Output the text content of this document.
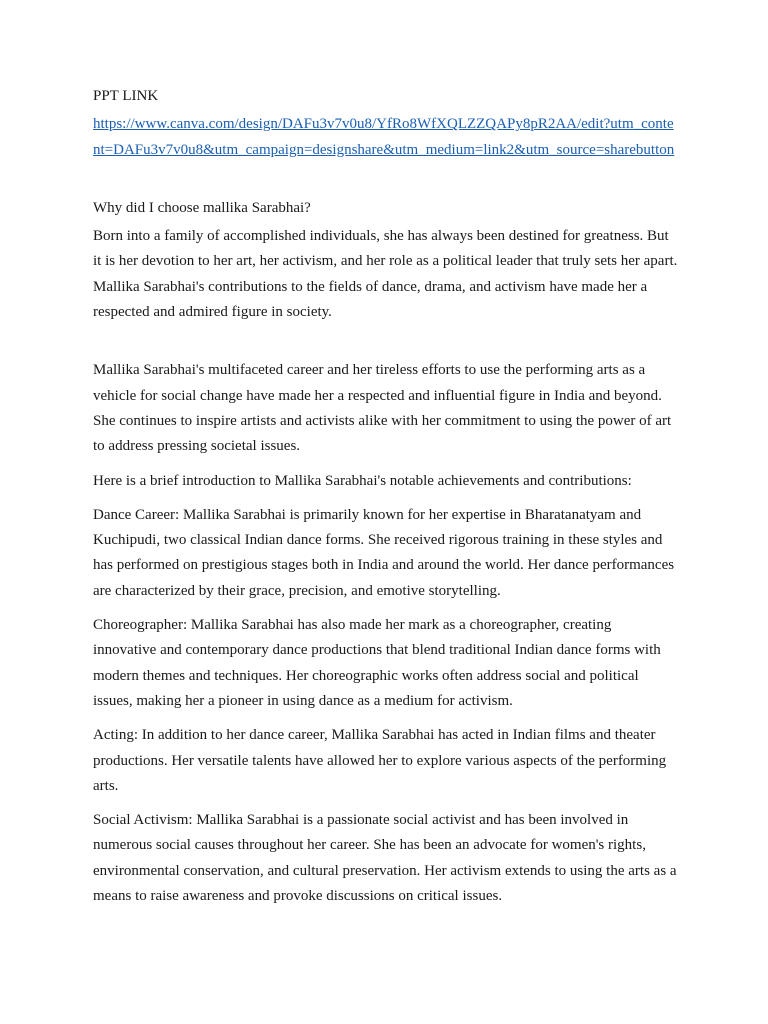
PPT LINK

https://www.canva.com/design/DAFu3v7v0u8/YfRo8WfXQLZZQAPy8pR2AA/edit?utm_content=DAFu3v7v0u8&utm_campaign=designshare&utm_medium=link2&utm_source=sharebutton

Why did I choose mallika Sarabhai?

Born into a family of accomplished individuals, she has always been destined for greatness. But it is her devotion to her art, her activism, and her role as a political leader that truly sets her apart. Mallika Sarabhai's contributions to the fields of dance, drama, and activism have made her a respected and admired figure in society.

Mallika Sarabhai's multifaceted career and her tireless efforts to use the performing arts as a vehicle for social change have made her a respected and influential figure in India and beyond. She continues to inspire artists and activists alike with her commitment to using the power of art to address pressing societal issues.

Here is a brief introduction to Mallika Sarabhai's notable achievements and contributions:

Dance Career: Mallika Sarabhai is primarily known for her expertise in Bharatanatyam and Kuchipudi, two classical Indian dance forms. She received rigorous training in these styles and has performed on prestigious stages both in India and around the world. Her dance performances are characterized by their grace, precision, and emotive storytelling.

Choreographer: Mallika Sarabhai has also made her mark as a choreographer, creating innovative and contemporary dance productions that blend traditional Indian dance forms with modern themes and techniques. Her choreographic works often address social and political issues, making her a pioneer in using dance as a medium for activism.

Acting: In addition to her dance career, Mallika Sarabhai has acted in Indian films and theater productions. Her versatile talents have allowed her to explore various aspects of the performing arts.

Social Activism: Mallika Sarabhai is a passionate social activist and has been involved in numerous social causes throughout her career. She has been an advocate for women's rights, environmental conservation, and cultural preservation. Her activism extends to using the arts as a means to raise awareness and provoke discussions on critical issues.
